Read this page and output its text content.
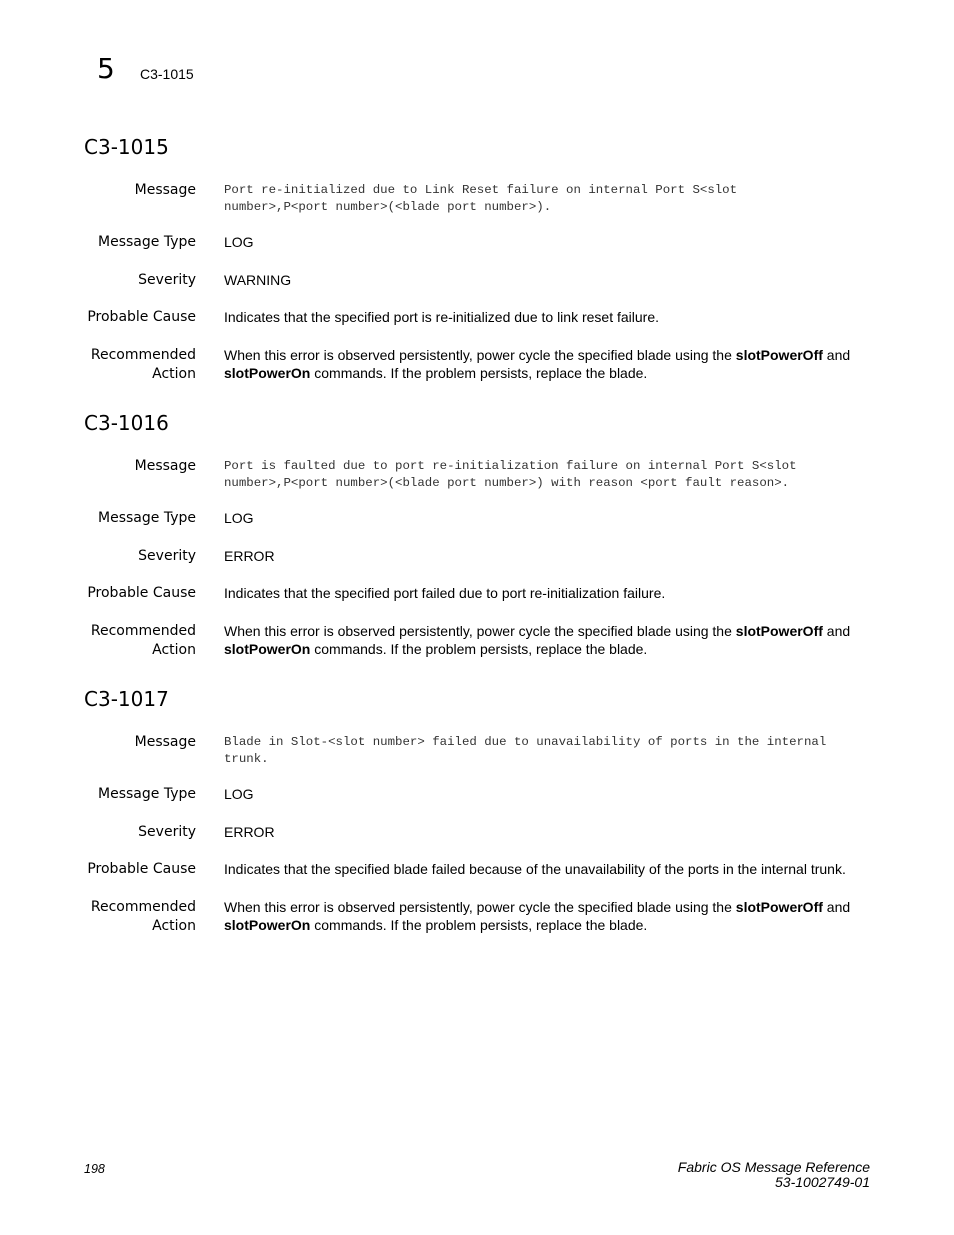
5 C3-1015
C3-1015
Message Port re-initialized due to Link Reset failure on internal Port S<slot
number>,P<port number>(<blade port number>).
Message Type LOG
Severity WARNING
Probable Cause Indicates that the specified port is re-initialized due to link reset failure.
Recommended
Action
When this error is observed persistently, power cycle the specified blade using the slotPowerOff and
slotPowerOn commands. If the problem persists, replace the blade.
C3-1016
Message Port is faulted due to port re-initialization failure on internal Port S<slot
number>,P<port number>(<blade port number>) with reason <port fault reason>.
Message Type LOG
Severity ERROR
Probable Cause Indicates that the specified port failed due to port re-initialization failure.
Recommended
Action
When this error is observed persistently, power cycle the specified blade using the slotPowerOff and
slotPowerOn commands. If the problem persists, replace the blade.
C3-1017
Message Blade in Slot-<slot number> failed due to unavailability of ports in the internal
trunk.
Message Type LOG
Severity ERROR
Probable Cause Indicates that the specified blade failed because of the unavailability of the ports in the internal trunk.
Recommended
Action
When this error is observed persistently, power cycle the specified blade using the slotPowerOff and
slotPowerOn commands. If the problem persists, replace the blade.
198	Fabric OS Message Reference
53-1002749-01
